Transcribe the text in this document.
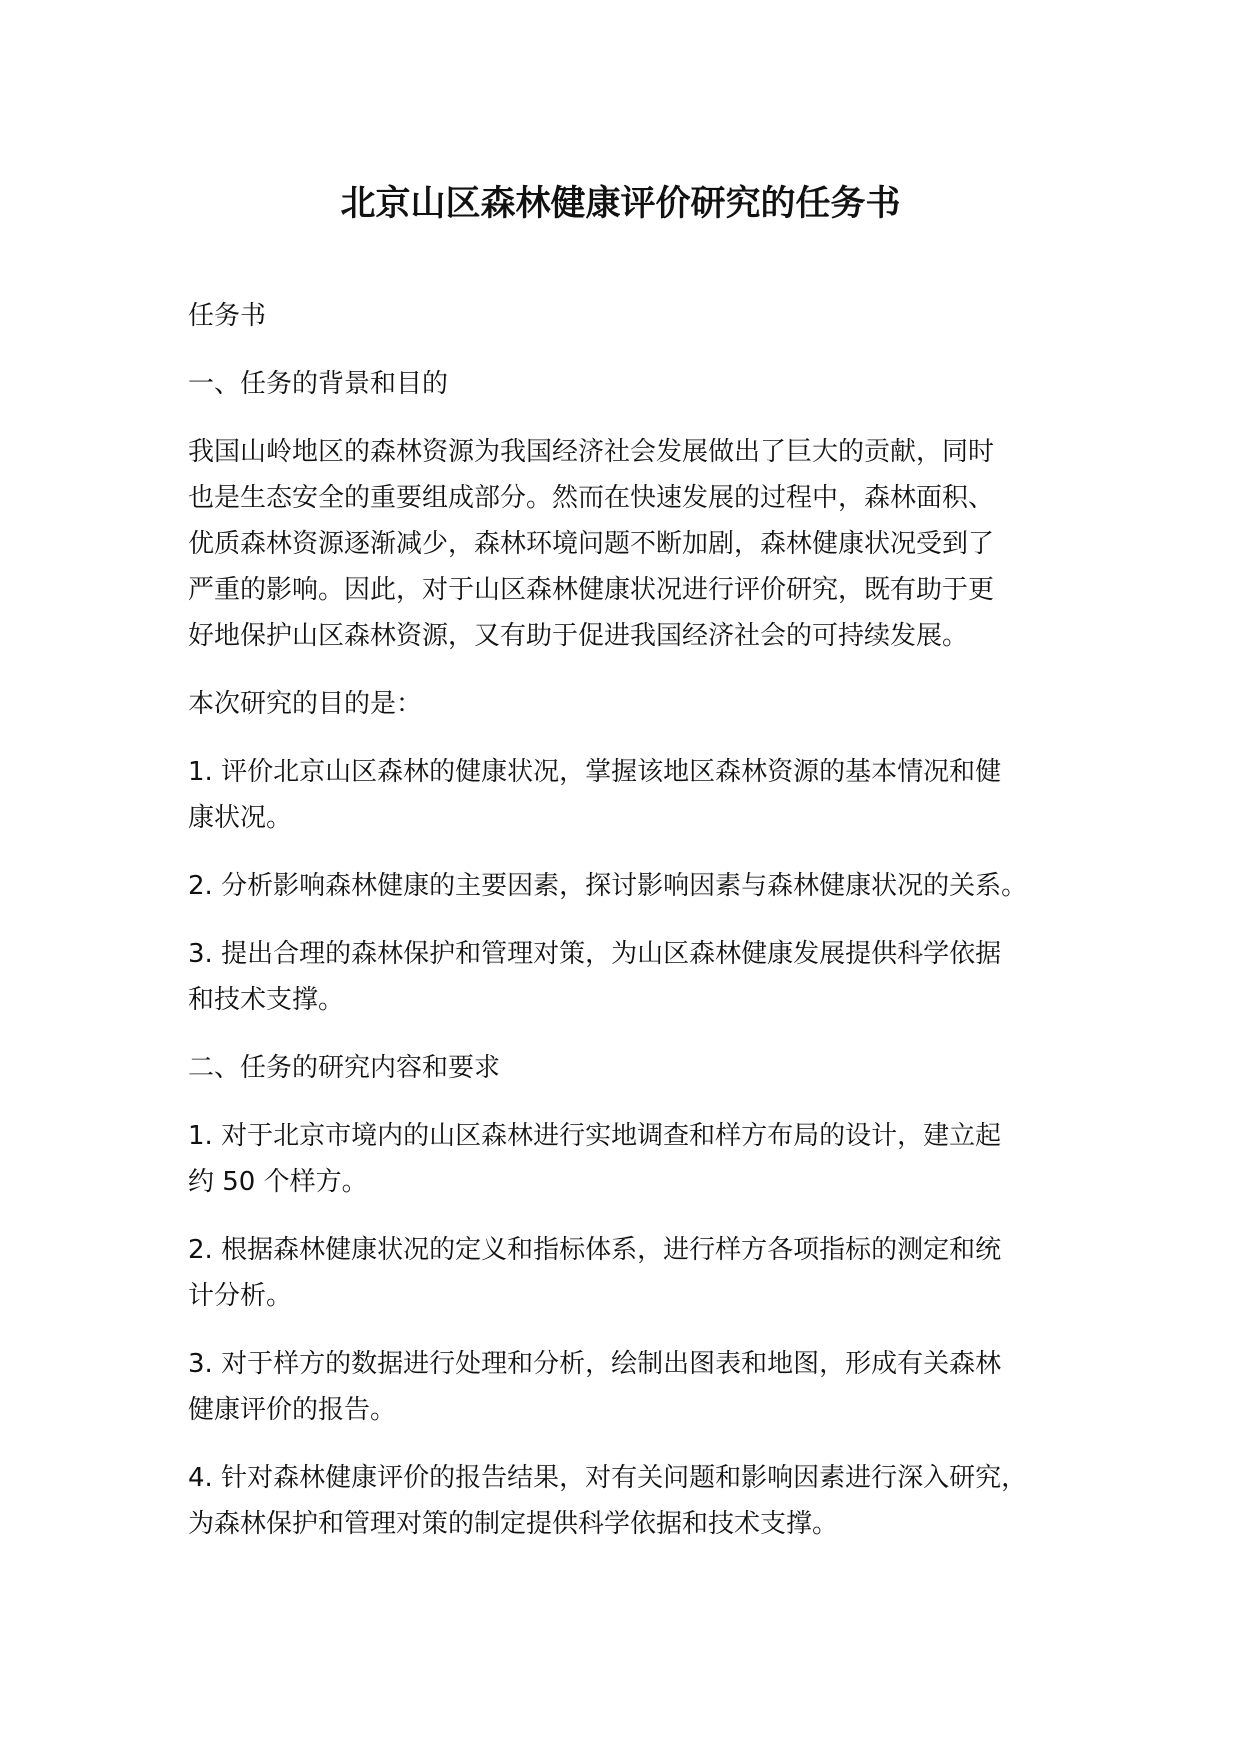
北京山区森林健康评价研究的任务书

任务书

一、任务的背景和目的

我国山岭地区的森林资源为我国经济社会发展做出了巨大的贡献，同时
也是生态安全的重要组成部分。然而在快速发展的过程中，森林面积、
优质森林资源逐渐减少，森林环境问题不断加剧，森林健康状况受到了
严重的影响。因此，对于山区森林健康状况进行评价研究，既有助于更
好地保护山区森林资源，又有助于促进我国经济社会的可持续发展。

本次研究的目的是：

1. 评价北京山区森林的健康状况，掌握该地区森林资源的基本情况和健
康状况。

2. 分析影响森林健康的主要因素，探讨影响因素与森林健康状况的关系。

3. 提出合理的森林保护和管理对策，为山区森林健康发展提供科学依据
和技术支撑。

二、任务的研究内容和要求

1. 对于北京市境内的山区森林进行实地调查和样方布局的设计，建立起
约 50 个样方。

2. 根据森林健康状况的定义和指标体系，进行样方各项指标的测定和统
计分析。

3. 对于样方的数据进行处理和分析，绘制出图表和地图，形成有关森林
健康评价的报告。

4. 针对森林健康评价的报告结果，对有关问题和影响因素进行深入研究，
为森林保护和管理对策的制定提供科学依据和技术支撑。
